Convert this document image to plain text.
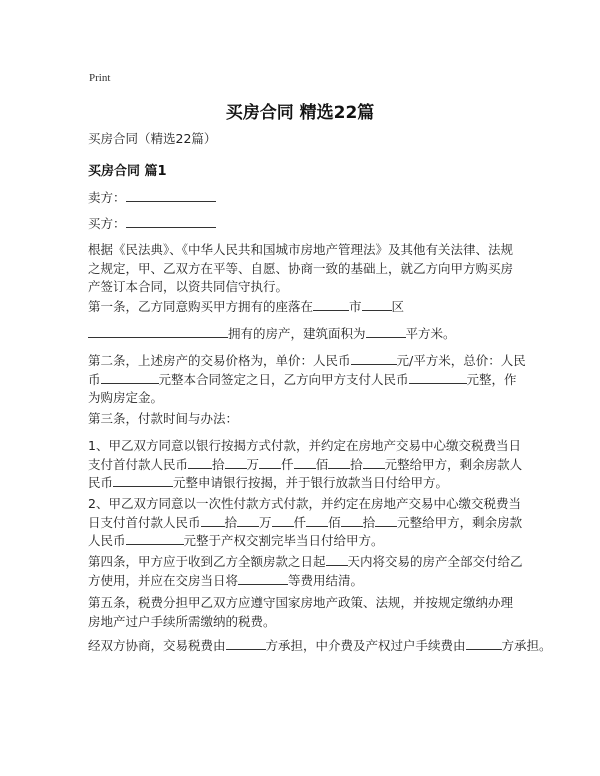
Print
买房合同 精选22篇
买房合同（精选22篇）
买房合同 篇1
卖方：
买方：
根据《民法典》、《中华人民共和国城市房地产管理法》及其他有关法律、法规之规定，甲、乙双方在平等、自愿、协商一致的基础上，就乙方向甲方购买房产签订本合同，以资共同信守执行。
第一条，乙方同意购买甲方拥有的座落在	市 区
拥有的房产，建筑面积为	平方米。
第二条，上述房产的交易价格为，单价：人民币	元/平方米，总价：人民币	元整本合同签定之日，乙方向甲方支付人民币	元整，作为购房定金。
第三条，付款时间与办法：
1、甲乙双方同意以银行按揭方式付款，并约定在房地产交易中心缴交税费当日支付首付款人民币 拾 万 仟 佰 拾 元整给甲方，剩余房款人民币	元整申请银行按揭，并于银行放款当日付给甲方。
2、甲乙双方同意以一次性付款方式付款，并约定在房地产交易中心缴交税费当日支付首付款人民币 拾 万 仟 佰 拾 元整给甲方，剩余房款人民币	元整于产权交割完毕当日付给甲方。
第四条，甲方应于收到乙方全额房款之日起 天内将交易的房产全部交付给乙方使用，并应在交房当日将	等费用结清。
第五条，税费分担甲乙双方应遵守国家房地产政策、法规，并按规定缴纳办理房地产过户手续所需缴纳的税费。
经双方协商，交易税费由	方承担，中介费及产权过户手续费由	方承担。
